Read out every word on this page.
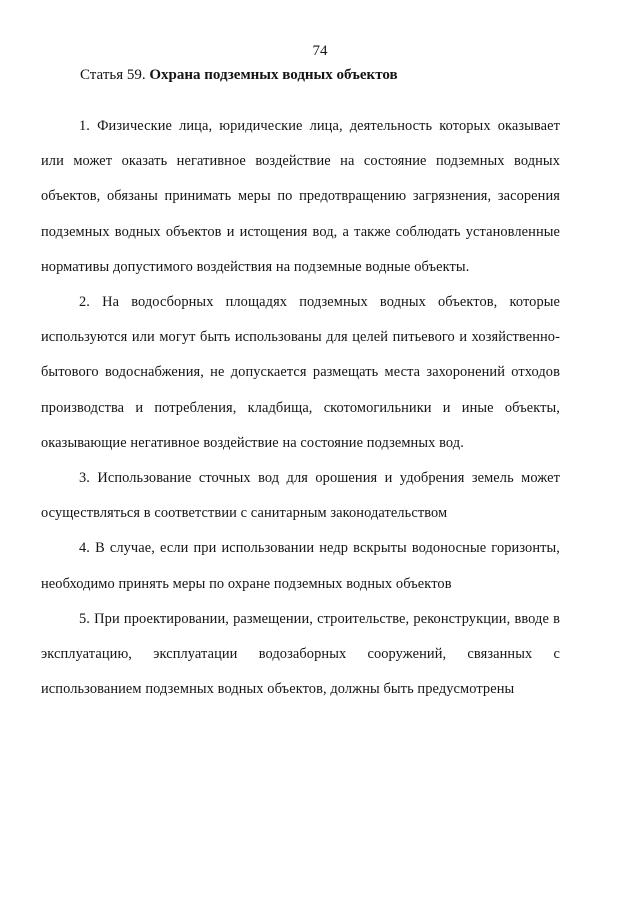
74
Статья 59. Охрана подземных водных объектов

1. Физические лица, юридические лица, деятельность которых оказывает или может оказать негативное воздействие на состояние подземных водных объектов, обязаны принимать меры по предотвращению загрязнения, засорения подземных водных объектов и истощения вод, а также соблюдать установленные нормативы допустимого воздействия на подземные водные объекты.

2. На водосборных площадях подземных водных объектов, которые используются или могут быть использованы для целей питьевого и хозяйственно-бытового водоснабжения, не допускается размещать места захоронений отходов производства и потребления, кладбища, скотомогильники и иные объекты, оказывающие негативное воздействие на состояние подземных вод.

3. Использование сточных вод для орошения и удобрения земель может осуществляться в соответствии с санитарным законодательством

4. В случае, если при использовании недр вскрыты водоносные горизонты, необходимо принять меры по охране подземных водных объектов

5. При проектировании, размещении, строительстве, реконструкции, вводе в эксплуатацию, эксплуатации водозаборных сооружений, связанных с использованием подземных водных объектов, должны быть предусмотрены
